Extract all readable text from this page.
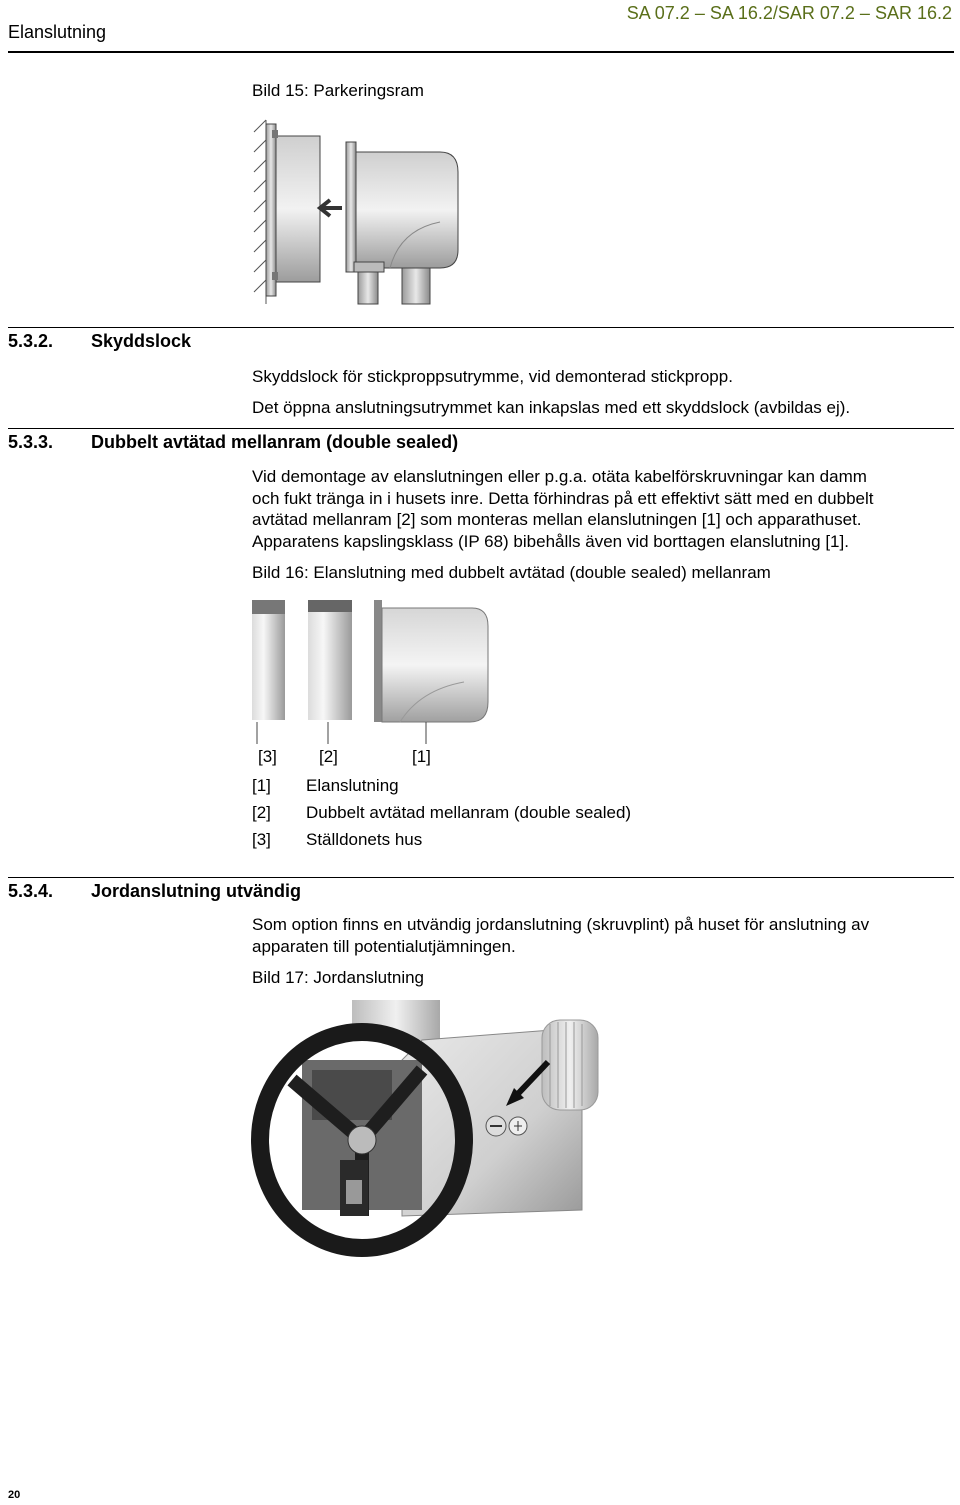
Elanslutning
SA 07.2 – SA 16.2/SAR 07.2 – SAR 16.2
Bild 15: Parkeringsram
5.3.2. Skyddslock
Skyddslock för stickproppsutrymme, vid demonterad stickpropp.
Det öppna anslutningsutrymmet kan inkapslas med ett skyddslock (avbildas ej).
5.3.3. Dubbelt avtätad mellanram (double sealed)
Vid demontage av elanslutningen eller p.g.a. otäta kabelförskruvningar kan damm
och fukt tränga in i husets inre. Detta förhindras på ett effektivt sätt med en dubbelt
avtätad mellanram [2] som monteras mellan elanslutningen [1] och apparathuset.
Apparatens kapslingsklass (IP 68) bibehålls även vid borttagen elanslutning [1].
Bild 16: Elanslutning med dubbelt avtätad (double sealed) mellanram
[3] [2]	[1]
[1] Elanslutning
[2] Dubbelt avtätad mellanram (double sealed)
[3] Ställdonets hus
5.3.4. Jordanslutning utvändig
Som option finns en utvändig jordanslutning (skruvplint) på huset för anslutning av
apparaten till potentialutjämningen.
Bild 17: Jordanslutning
20
